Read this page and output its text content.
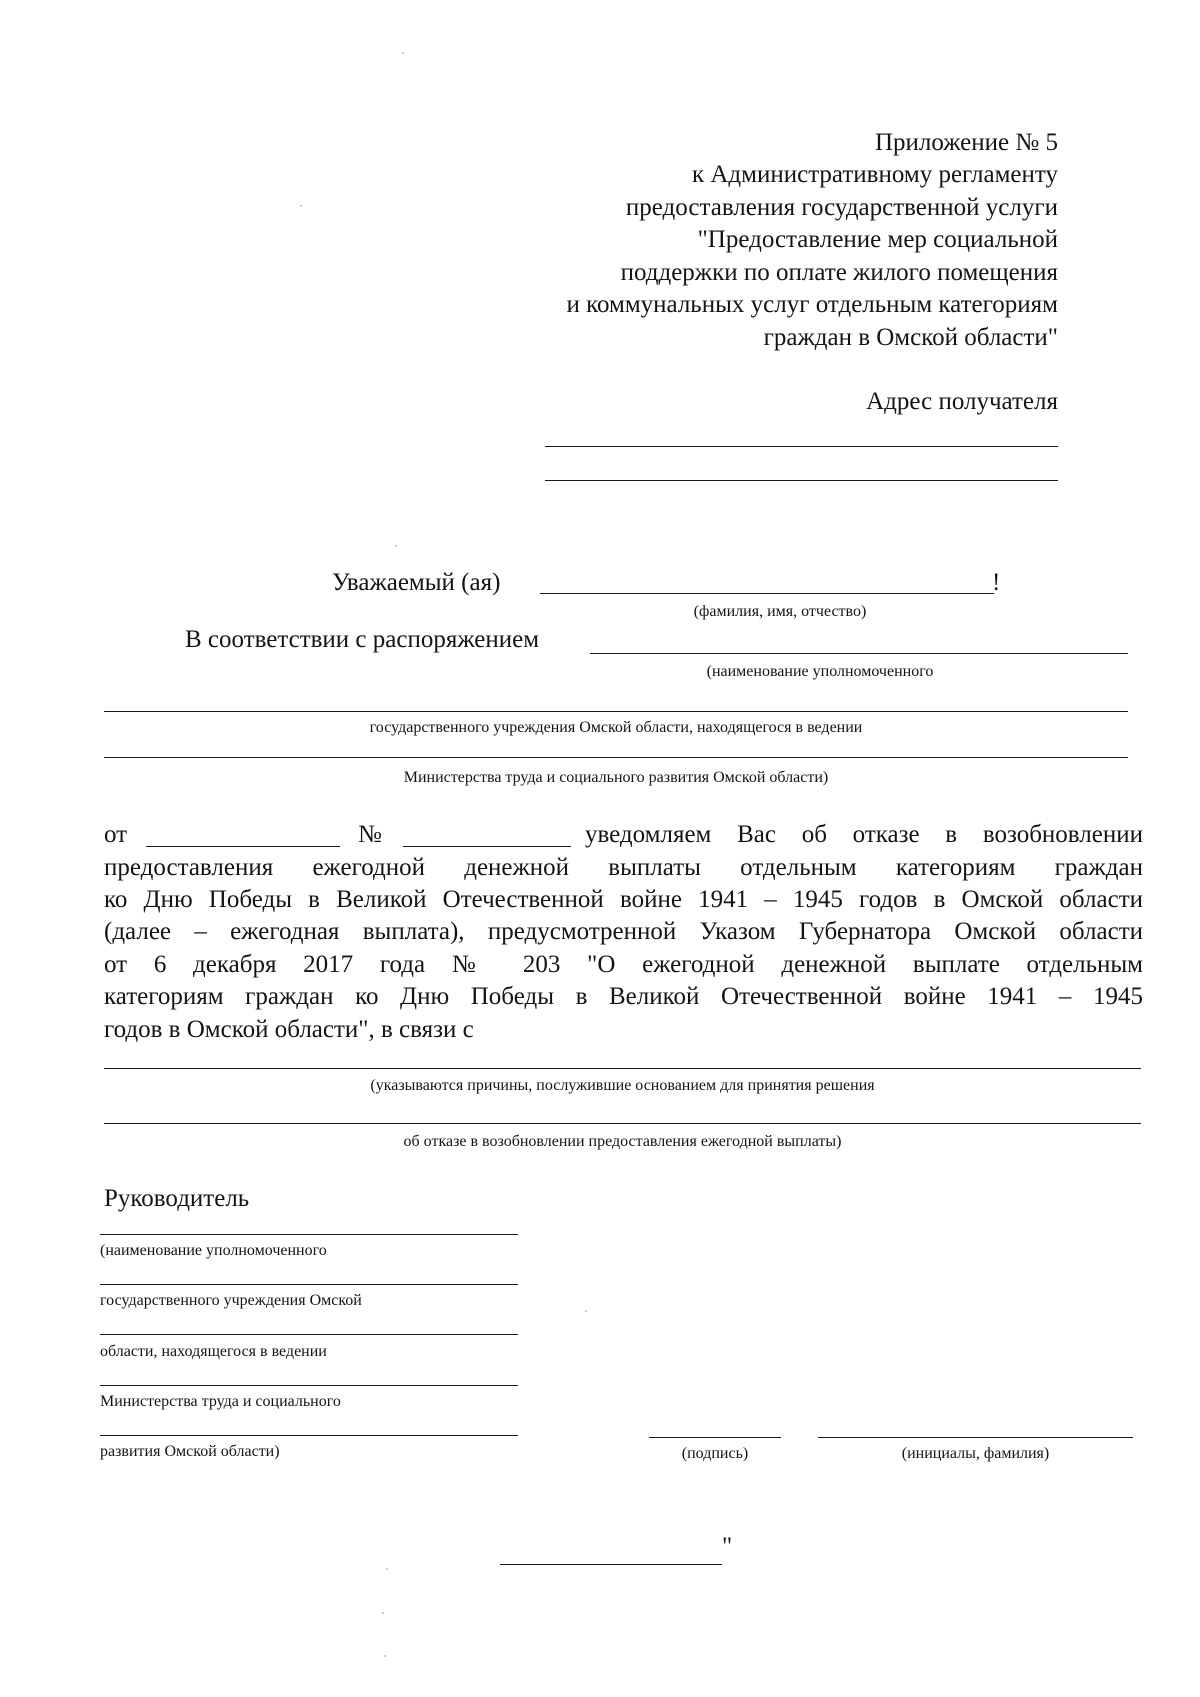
Приложение № 5
к Административному регламенту
предоставления государственной услуги
"Предоставление мер социальной
поддержки по оплате жилого помещения
и коммунальных услуг отдельным категориям
граждан в Омской области"
Адрес получателя
Уважаемый (ая)	!
(фамилия, имя, отчество)
В соответствии с распоряжением
(наименование уполномоченного
государственного учреждения Омской области, находящегося в ведении
Министерства труда и социального развития Омской области)
от	№	уведомляем Вас об отказе в возобновлении
предоставления ежегодной денежной выплаты отдельным категориям граждан
ко Дню Победы в Великой Отечественной войне 1941 – 1945 годов в Омской области
(далее – ежегодная выплата), предусмотренной Указом Губернатора Омской области
от 6 декабря 2017 года № 203 "О ежегодной денежной выплате отдельным
категориям граждан ко Дню Победы в Великой Отечественной войне 1941 – 1945
годов в Омской области", в связи с
(указываются причины, послужившие основанием для принятия решения
об отказе в возобновлении предоставления ежегодной выплаты)
Руководитель
(наименование уполномоченного
государственного учреждения Омской
области, находящегося в ведении
Министерства труда и социального
развития Омской области)	(подпись)	(инициалы, фамилия)
"
